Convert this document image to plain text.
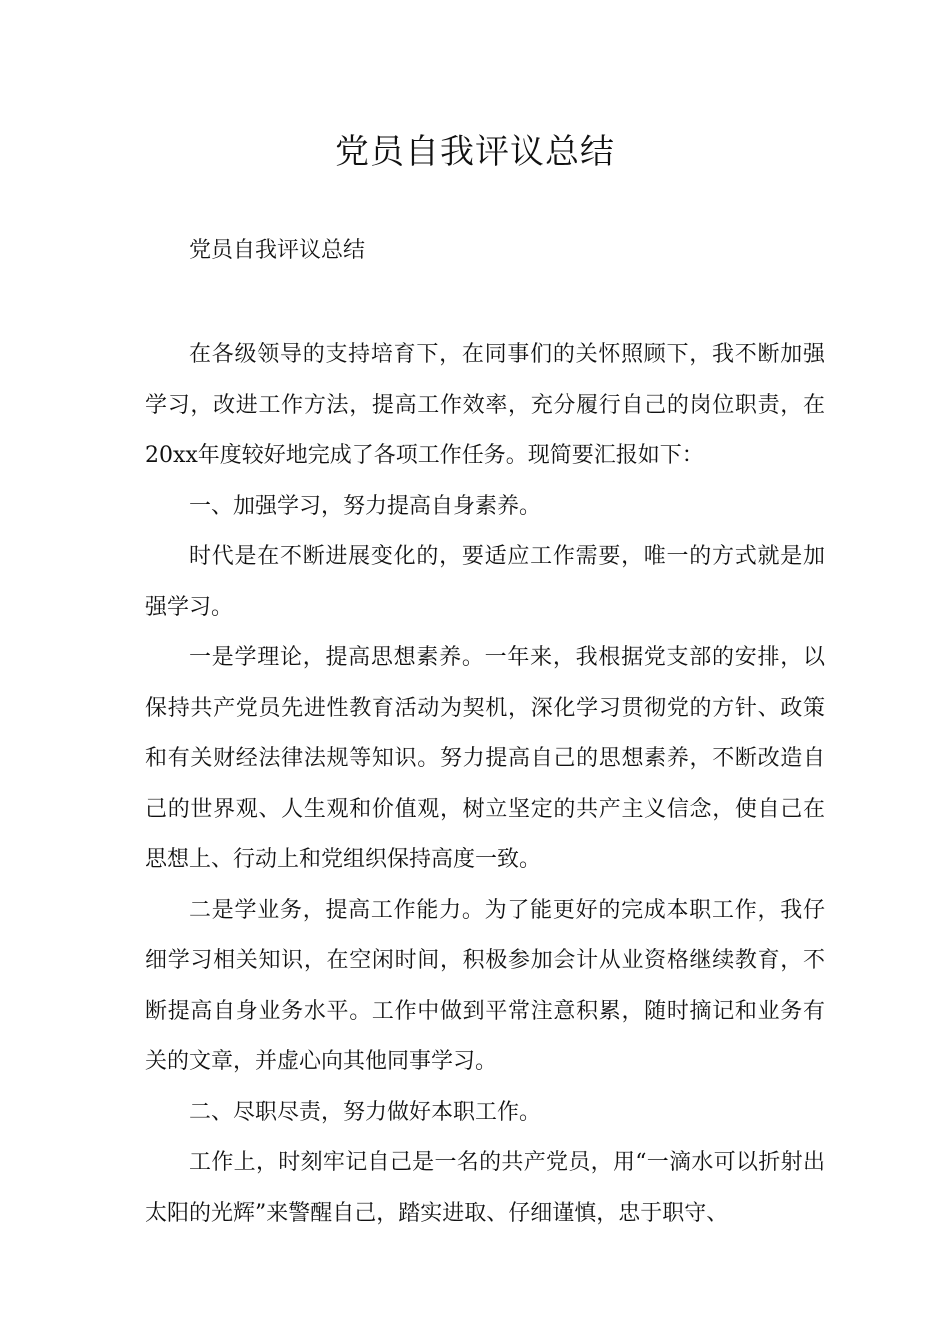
党员自我评议总结

党员自我评议总结

在各级领导的支持培育下，在同事们的关怀照顾下，我不断加强学习，改进工作方法，提高工作效率，充分履行自己的岗位职责，在20xx年度较好地完成了各项工作任务。现简要汇报如下：

一、加强学习，努力提高自身素养。

时代是在不断进展变化的，要适应工作需要，唯一的方式就是加强学习。

一是学理论，提高思想素养。一年来，我根据党支部的安排，以保持共产党员先进性教育活动为契机，深化学习贯彻党的方针、政策和有关财经法律法规等知识。努力提高自己的思想素养，不断改造自己的世界观、人生观和价值观，树立坚定的共产主义信念，使自己在思想上、行动上和党组织保持高度一致。

二是学业务，提高工作能力。为了能更好的完成本职工作，我仔细学习相关知识，在空闲时间，积极参加会计从业资格继续教育，不断提高自身业务水平。工作中做到平常注意积累，随时摘记和业务有关的文章，并虚心向其他同事学习。

二、尽职尽责，努力做好本职工作。

工作上，时刻牢记自己是一名的共产党员，用“一滴水可以折射出太阳的光辉”来警醒自己，踏实进取、仔细谨慎，忠于职守、
